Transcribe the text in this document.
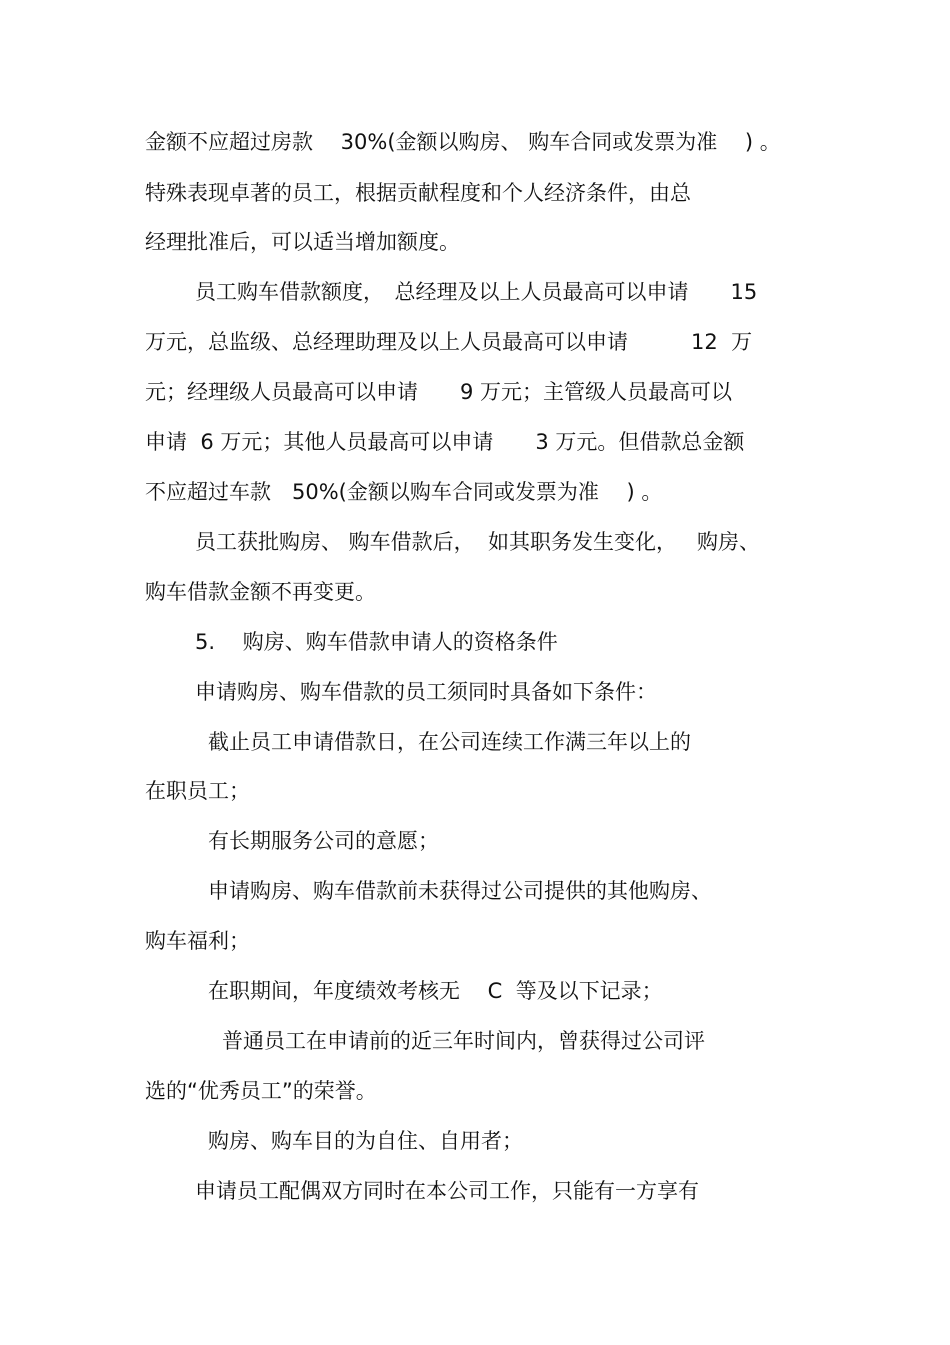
金额不应超过房款　 30%(金额以购房、 购车合同或发票为准　 ) 。
特殊表现卓著的员工，根据贡献程度和个人经济条件，由总
经理批准后，可以适当增加额度。
员工购车借款额度，　总经理及以上人员最高可以申请　　15
万元，总监级、总经理助理及以上人员最高可以申请　　　12  万
元；经理级人员最高可以申请　　9 万元；主管级人员最高可以
申请  6 万元；其他人员最高可以申请　　3 万元。但借款总金额
不应超过车款　50%(金额以购车合同或发票为准　 ) 。
员工获批购房、 购车借款后，  如其职务发生变化，   购房、
购车借款金额不再变更。
5.　 购房、购车借款申请人的资格条件
申请购房、购车借款的员工须同时具备如下条件：
截止员工申请借款日，在公司连续工作满三年以上的
在职员工；
有长期服务公司的意愿；
申请购房、购车借款前未获得过公司提供的其他购房、
购车福利；
在职期间，年度绩效考核无　 C  等及以下记录；
普通员工在申请前的近三年时间内，曾获得过公司评
选的“优秀员工”的荣誉。
购房、购车目的为自住、自用者；
申请员工配偶双方同时在本公司工作，只能有一方享有
